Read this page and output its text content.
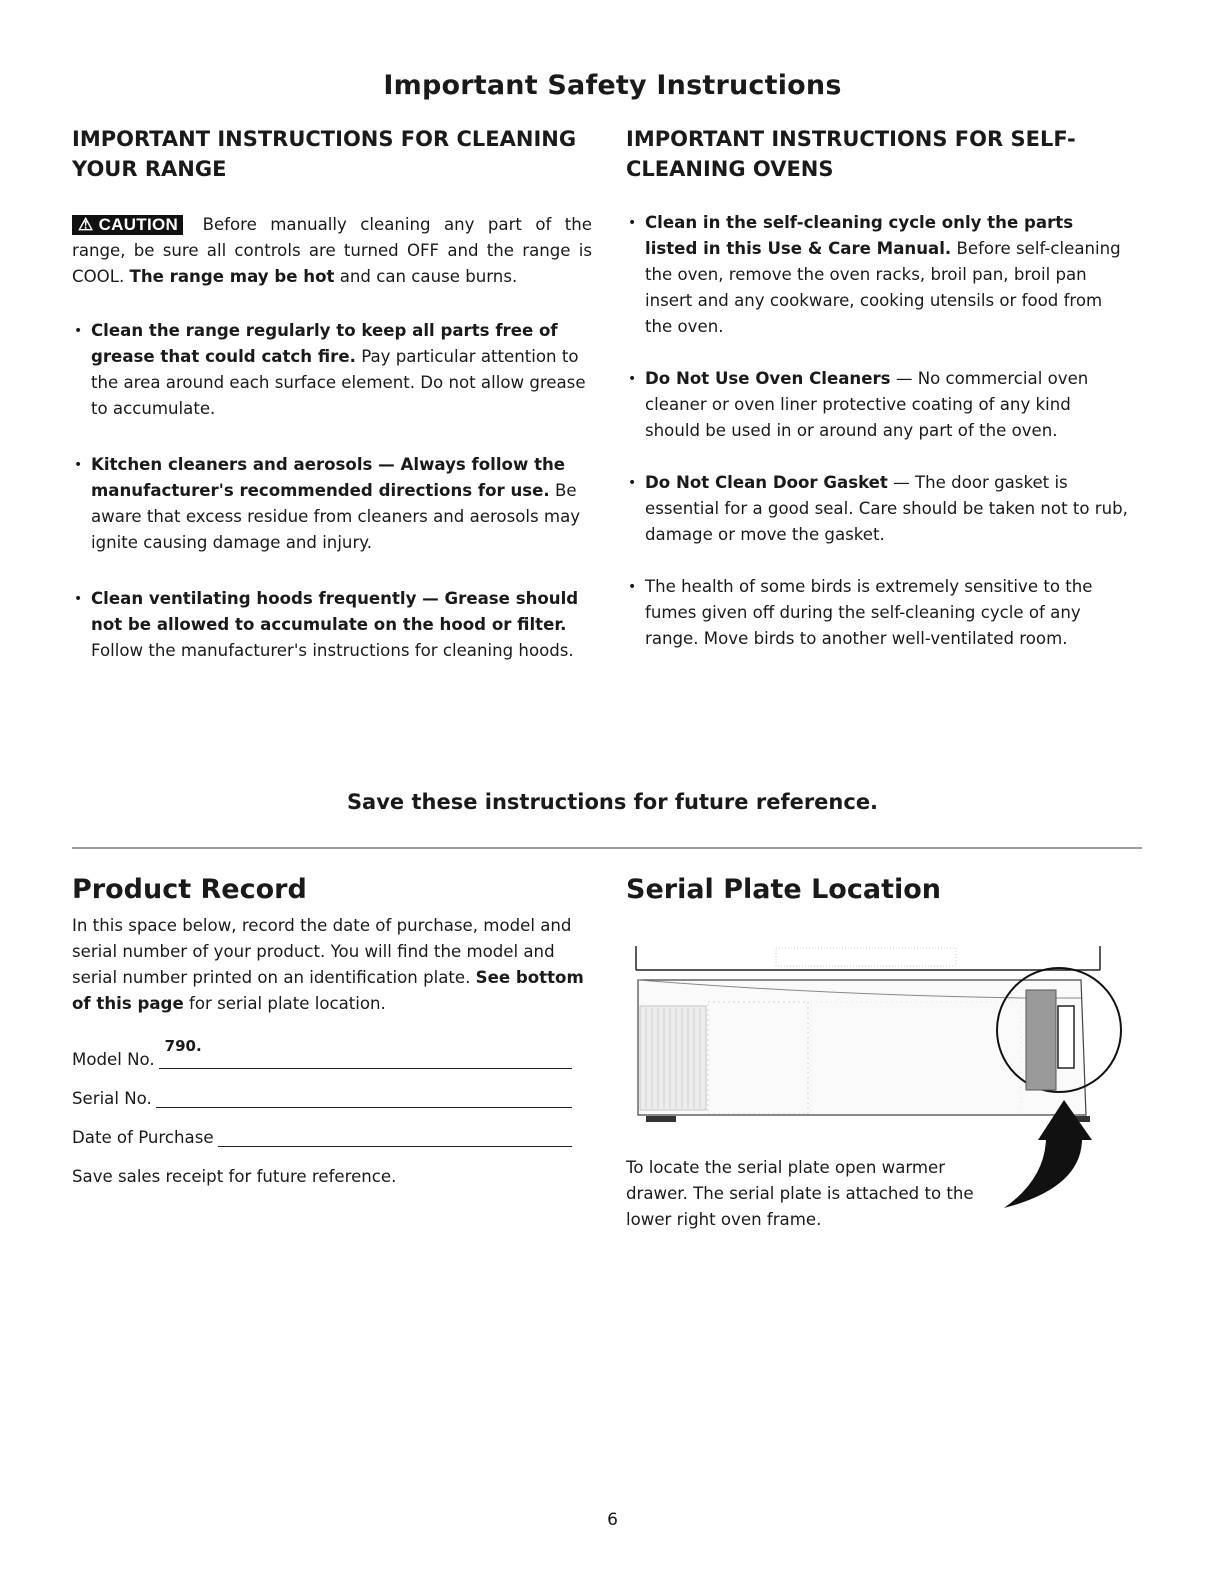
Important Safety Instructions
IMPORTANT INSTRUCTIONS FOR CLEANING
YOUR RANGE

⚠ CAUTION Before manually cleaning any part of the range, be sure all controls are turned OFF and the range is COOL. The range may be hot and can cause burns.

• Clean the range regularly to keep all parts free of grease that could catch fire. Pay particular attention to the area around each surface element. Do not allow grease to accumulate.
• Kitchen cleaners and aerosols — Always follow the manufacturer's recommended directions for use. Be aware that excess residue from cleaners and aerosols may ignite causing damage and injury.
• Clean ventilating hoods frequently — Grease should not be allowed to accumulate on the hood or filter. Follow the manufacturer's instructions for cleaning hoods.
IMPORTANT INSTRUCTIONS FOR SELF-
CLEANING OVENS
• Clean in the self-cleaning cycle only the parts listed in this Use & Care Manual. Before self-cleaning the oven, remove the oven racks, broil pan, broil pan insert and any cookware, cooking utensils or food from the oven.
• Do Not Use Oven Cleaners — No commercial oven cleaner or oven liner protective coating of any kind should be used in or around any part of the oven.
• Do Not Clean Door Gasket — The door gasket is essential for a good seal. Care should be taken not to rub, damage or move the gasket.
• The health of some birds is extremely sensitive to the fumes given off during the self-cleaning cycle of any range. Move birds to another well-ventilated room.
Save these instructions for future reference.
Product Record

In this space below, record the date of purchase, model and serial number of your product. You will find the model and serial number printed on an identification plate. See bottom of this page for serial plate location.

Model No.
790.
Serial No.
Date of Purchase

Save sales receipt for future reference.

Serial Plate Location

To locate the serial plate open warmer drawer. The serial plate is attached to the lower right oven frame.

6
